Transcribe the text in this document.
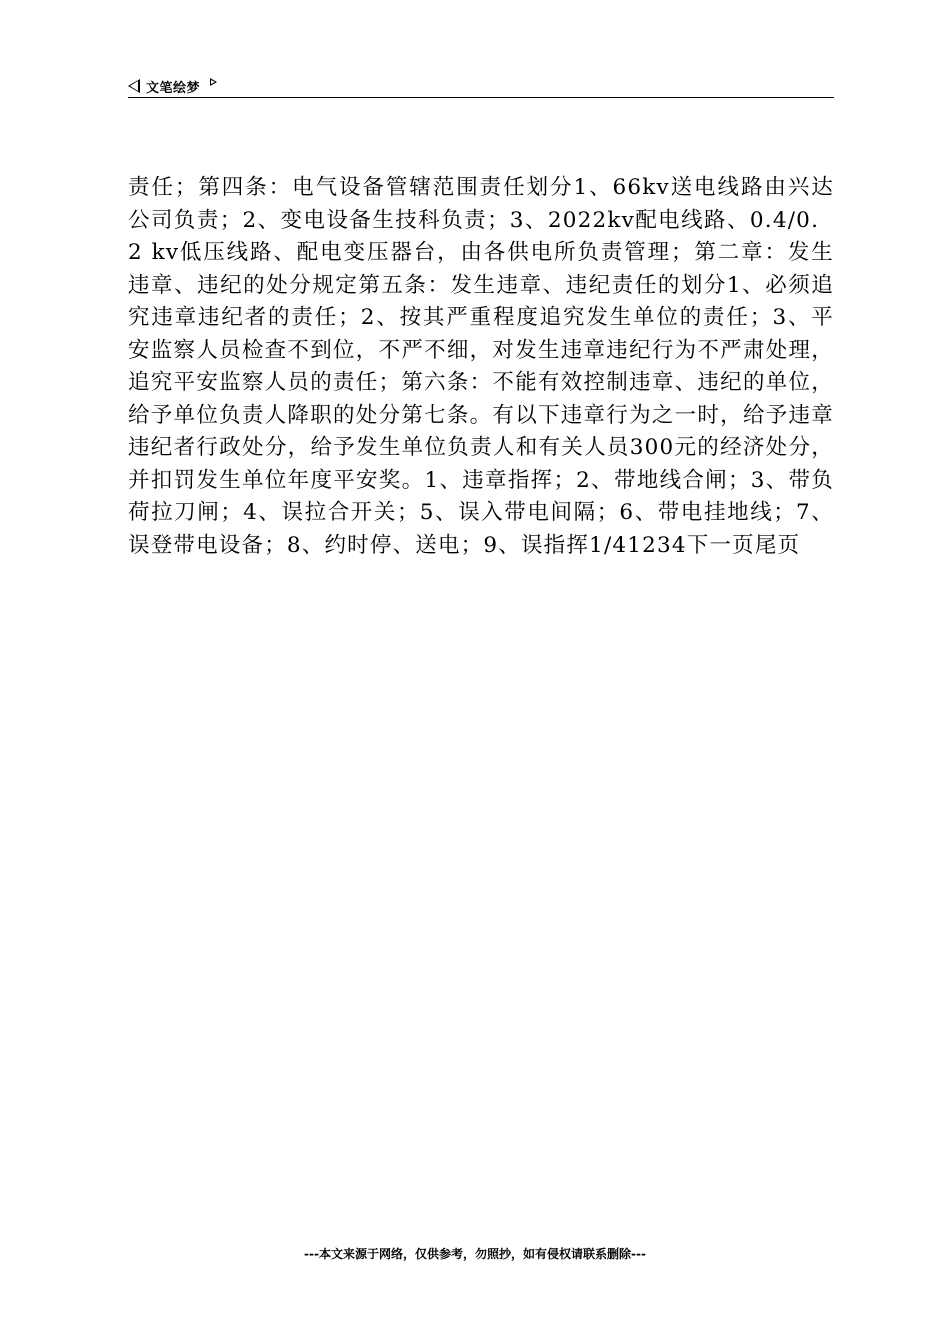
文笔绘梦
责任；第四条：电气设备管辖范围责任划分1、66kv送电线路由兴达公司负责；2、变电设备生技科负责；3、2022kv配电线路、0.4/0．2 kv低压线路、配电变压器台，由各供电所负责管理；第二章：发生违章、违纪的处分规定第五条：发生违章、违纪责任的划分1、必须追究违章违纪者的责任；2、按其严重程度追究发生单位的责任；3、平安监察人员检查不到位，不严不细，对发生违章违纪行为不严肃处理，追究平安监察人员的责任；第六条：不能有效控制违章、违纪的单位，给予单位负责人降职的处分第七条。有以下违章行为之一时，给予违章违纪者行政处分，给予发生单位负责人和有关人员300元的经济处分，并扣罚发生单位年度平安奖。1、违章指挥；2、带地线合闸；3、带负荷拉刀闸；4、误拉合开关；5、误入带电间隔；6、带电挂地线；7、误登带电设备；8、约时停、送电；9、误指挥1/41234下一页尾页
---本文来源于网络，仅供参考，勿照抄，如有侵权请联系删除---
